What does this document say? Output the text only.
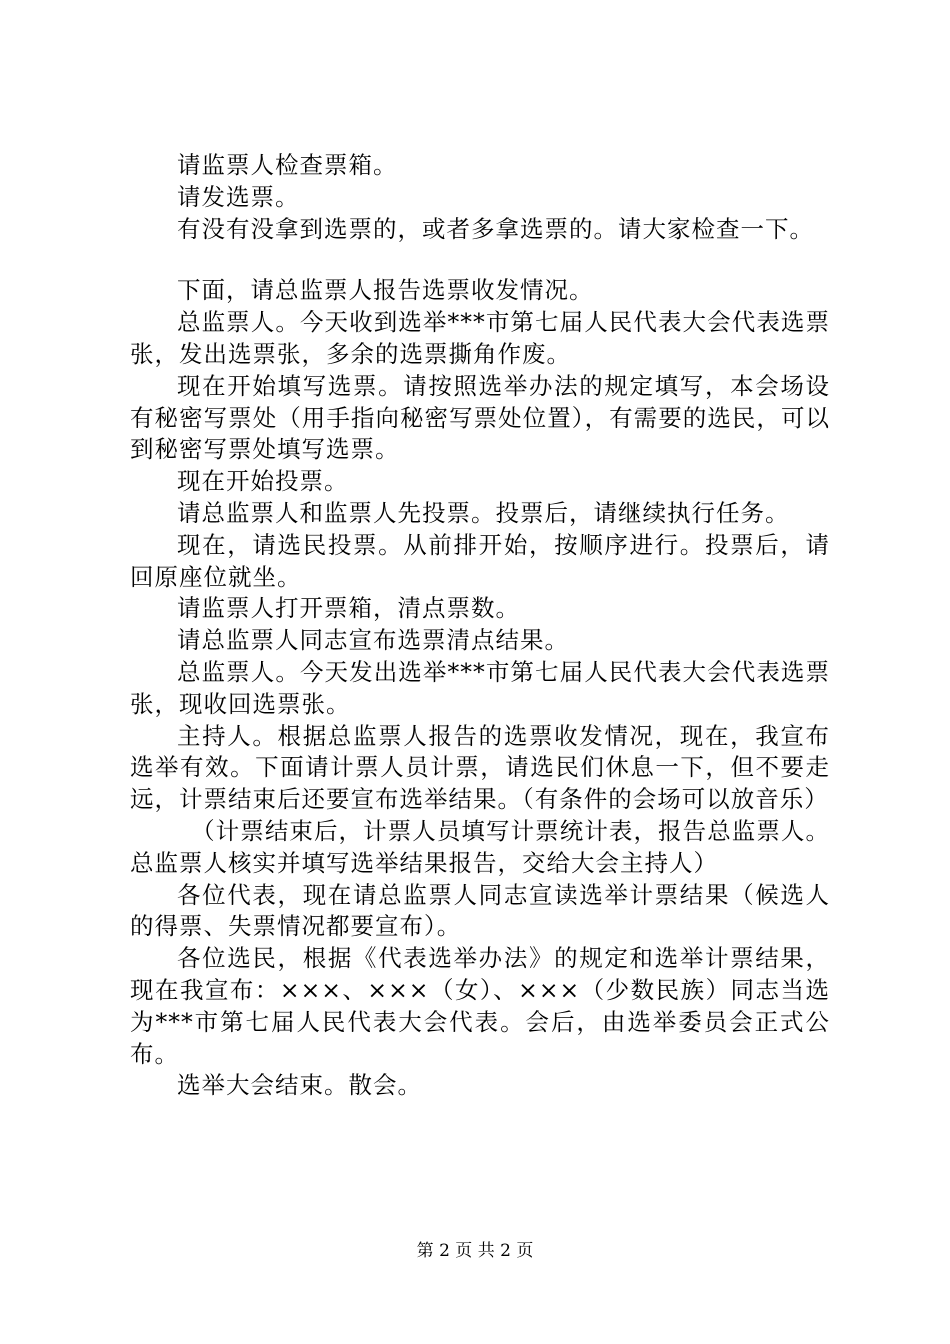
请监票人检查票箱。

请发选票。

有没有没拿到选票的，或者多拿选票的。请大家检查一下。

下面，请总监票人报告选票收发情况。

总监票人。今天收到选举***市第七届人民代表大会代表选票张，发出选票张，多余的选票撕角作废。

现在开始填写选票。请按照选举办法的规定填写，本会场设有秘密写票处（用手指向秘密写票处位置），有需要的选民，可以到秘密写票处填写选票。

现在开始投票。

请总监票人和监票人先投票。投票后，请继续执行任务。

现在，请选民投票。从前排开始，按顺序进行。投票后，请回原座位就坐。

请监票人打开票箱，清点票数。

请总监票人同志宣布选票清点结果。

总监票人。今天发出选举***市第七届人民代表大会代表选票张，现收回选票张。

主持人。根据总监票人报告的选票收发情况，现在，我宣布选举有效。下面请计票人员计票，请选民们休息一下，但不要走远，计票结束后还要宣布选举结果。（有条件的会场可以放音乐）

（计票结束后，计票人员填写计票统计表，报告总监票人。总监票人核实并填写选举结果报告，交给大会主持人）

各位代表，现在请总监票人同志宣读选举计票结果（候选人的得票、失票情况都要宣布）。

各位选民，根据《代表选举办法》的规定和选举计票结果，现在我宣布：×××、×××（女）、×××（少数民族）同志当选为***市第七届人民代表大会代表。会后，由选举委员会正式公布。

选举大会结束。散会。

第 2 页 共 2 页
